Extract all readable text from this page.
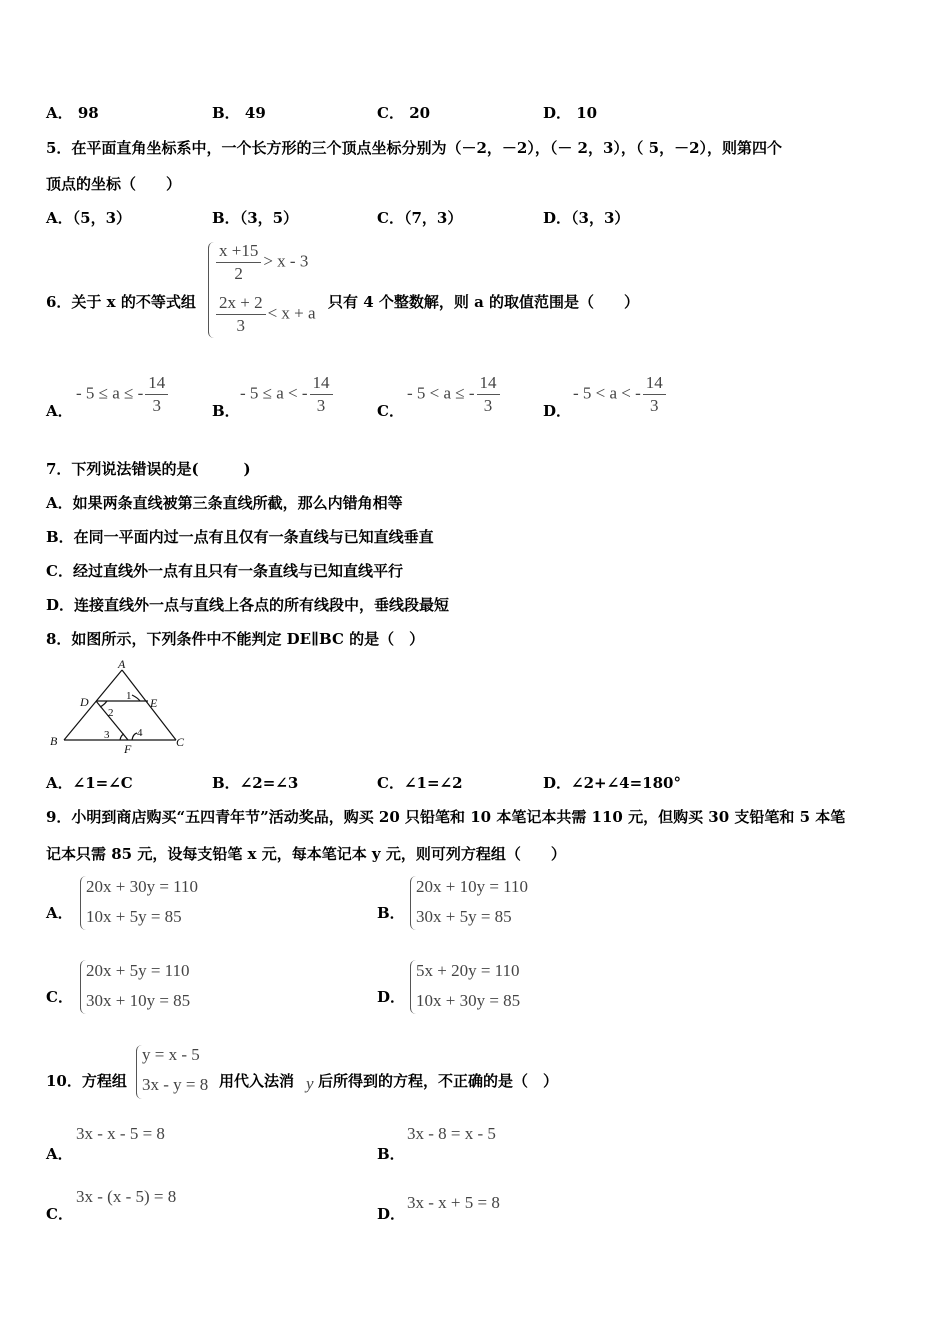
A． 98	B． 49	C． 20	D． 10
5．在平面直角坐标系中，一个长方形的三个顶点坐标分别为（－2，－2），（－ 2，3），（ 5，－2），则第四个
顶点的坐标（　　）
A．（5，3）	B．（3，5）	C．（7，3）	D．（3，3）
6．关于 x 的不等式组
$\frac{x +15}{2} > x - 3$
$\frac{2x + 2}{3} < x + a$
只有 4 个整数解，则 a 的取值范围是（　　）
A．
- 5 ≤ a ≤ - $\frac{14}{3}$	B．
- 5 ≤ a < - $\frac{14}{3}$	C．
- 5 < a ≤ - $\frac{14}{3}$	D．
- 5 < a < - $\frac{14}{3}$
7．下列说法错误的是(　　　)
A．如果两条直线被第三条直线所截，那么内错角相等
B．在同一平面内过一点有且仅有一条直线与已知直线垂直
C．经过直线外一点有且只有一条直线与已知直线平行
D．连接直线外一点与直线上各点的所有线段中，垂线段最短
8．如图所示，下列条件中不能判定 DE∥BC 的是（　）
A
B	C
D	E
F
1
2
3	4
A．∠1=∠C	B．∠2=∠3	C．∠1=∠2	D．∠2+∠4=180°
9．小明到商店购买“五四青年节”活动奖品，购买 20 只铅笔和 10 本笔记本共需 110 元，但购买 30 支铅笔和 5 本笔
记本只需 85 元，设每支铅笔 x 元，每本笔记本 y 元，则可列方程组（　　）
A．
20x + 30y = 110
10x + 5y = 85	B．
20x + 10y = 110
30x + 5y = 85
C．
20x + 5y = 110
30x + 10y = 85	D．
5x + 20y = 110
10x + 30y = 85
10．方程组
y = x - 5
3x - y = 8 用代入法消 y 后所得到的方程，不正确的是（　）
A．
3x - x - 5 = 8
B．
3x - 8 = x - 5
C．
3x - (x - 5) = 8
D．
3x - x + 5 = 8
